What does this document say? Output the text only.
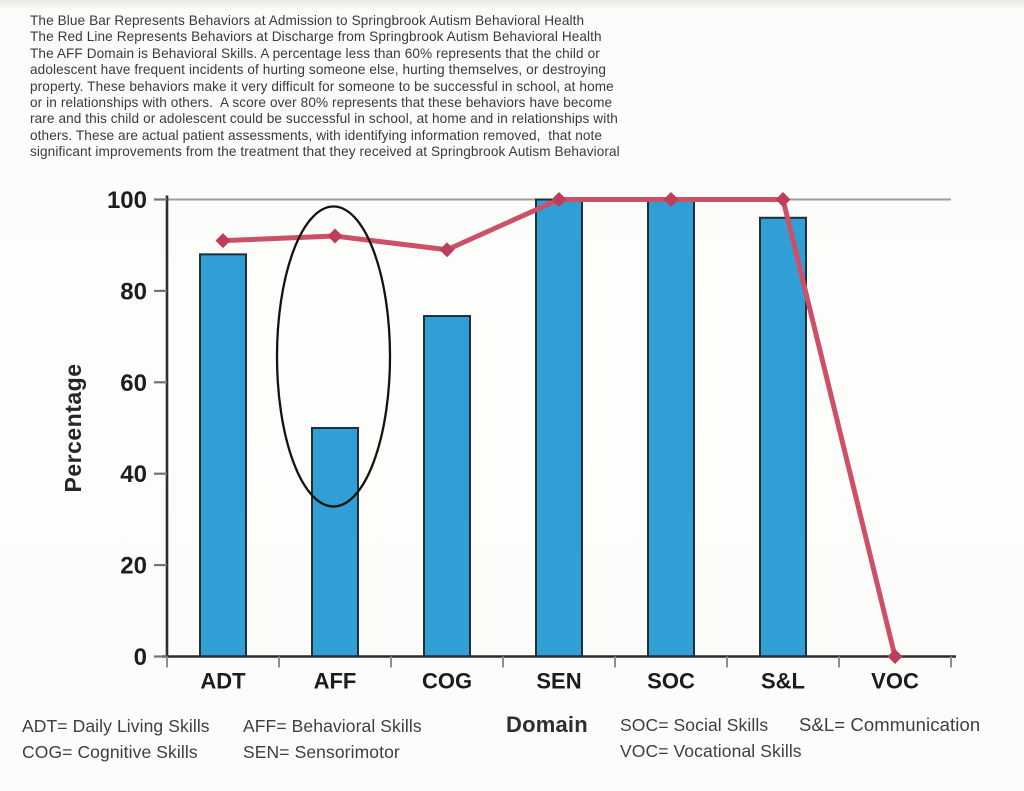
The Blue Bar Represents Behaviors at Admission to Springbrook Autism Behavioral Health
The Red Line Represents Behaviors at Discharge from Springbrook Autism Behavioral Health
The AFF Domain is Behavioral Skills. A percentage less than 60% represents that the child or
adolescent have frequent incidents of hurting someone else, hurting themselves, or destroying
property. These behaviors make it very difficult for someone to be successful in school, at home
or in relationships with others.  A score over 80% represents that these behaviors have become
rare and this child or adolescent could be successful in school, at home and in relationships with
others. These are actual patient assessments, with identifying information removed,  that note
significant improvements from the treatment that they received at Springbrook Autism Behavioral
Percentage
0
20
40
60
80
100
ADT	AFF	COG	SEN	SOC	S&L	VOC
ADT= Daily Living Skills AFF= Behavioral Skills
COG= Cognitive Skills	SEN= Sensorimotor
Domain SOC= Social Skills S&L= Communication
VOC= Vocational Skills
